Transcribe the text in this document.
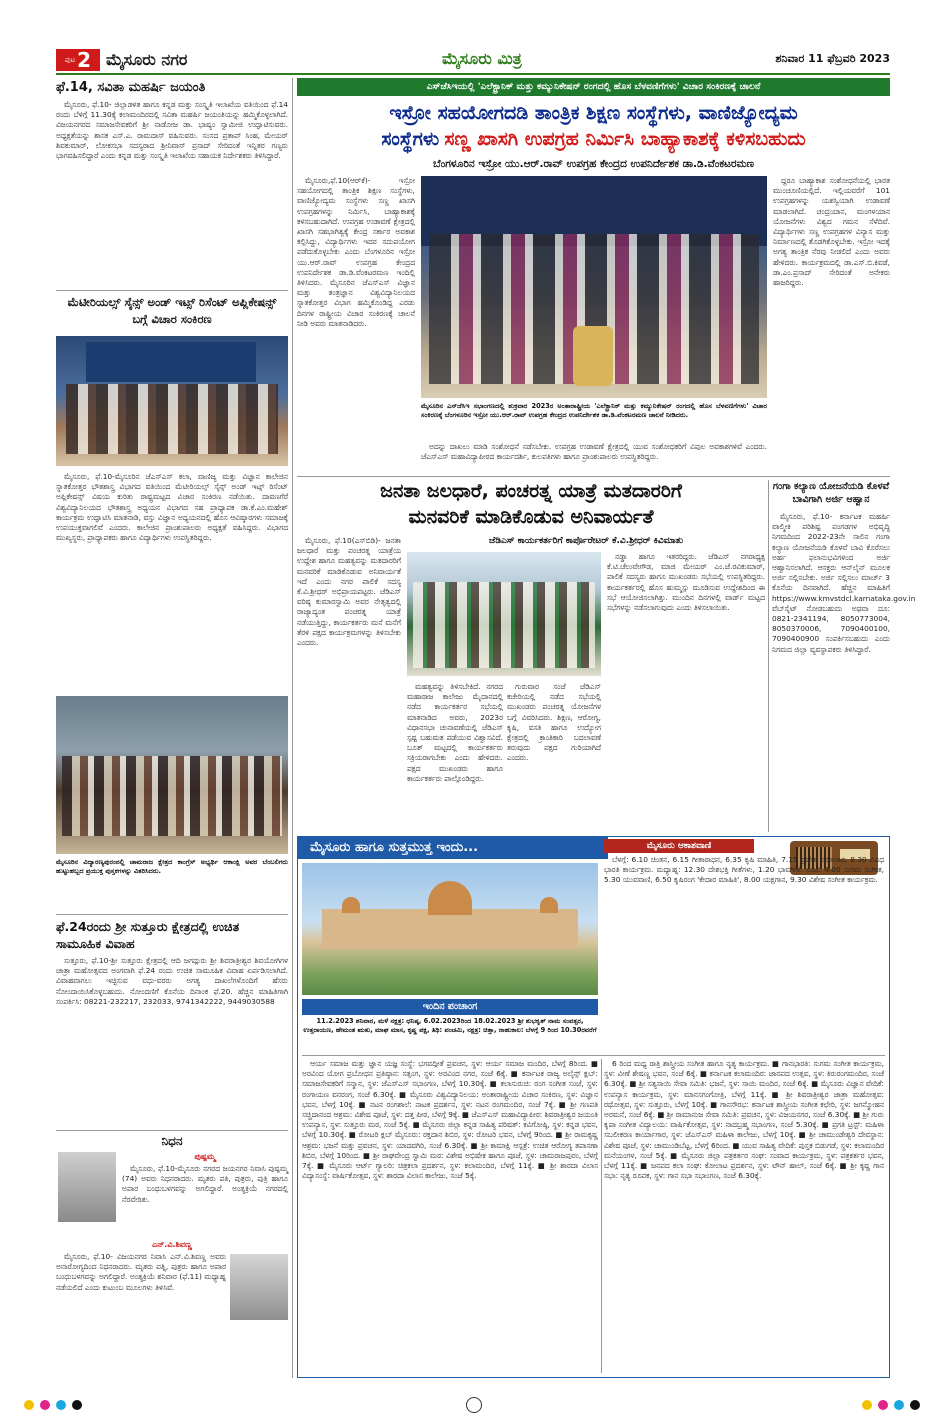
ಪುಟ 2 ಮೈಸೂರು ನಗರ	ಮೈಸೂರು ಮಿತ್ರ	ಶನಿವಾರ 11 ಫೆಬ್ರವರಿ 2023
ಫೆ.14, ಸವಿತಾ ಮಹರ್ಷಿ ಜಯಂತಿ

ಮೈಸೂರು, ಫೆ.10- ಜಿಲ್ಲಾಡಳಿತ ಹಾಗೂ ಕನ್ನಡ ಮತ್ತು ಸಂಸ್ಕೃತಿ ಇಲಾಖೆಯ ವತಿಯಿಂದ ಫೆ.14 ರಂದು ಬೆಳಿಗ್ಗೆ 11.30ಕ್ಕೆ ಕಲಾಮಂದಿರದಲ್ಲಿ ಸವಿತಾ ಮಹರ್ಷಿ ಜಯಂತಿಯನ್ನು ಹಮ್ಮಿಕೊಳ್ಳಲಾಗಿದೆ. ವಿಜಯನಗರದ ಸಮಾಜಸೇವಕರಿಗೆ ಶ್ರೀ ನಾಡೋಜ ಡಾ. ಭಾಷ್ಯಂ ಸ್ವಾಮೀಜಿ ಉದ್ಘಾಟಿಸುವರು. ಅಧ್ಯಕ್ಷತೆಯನ್ನು ಶಾಸಕ ಎಸ್.ಎ. ರಾಮದಾಸ್ ವಹಿಸುವರು. ಸಂಸದ ಪ್ರತಾಪ್ ಸಿಂಹ, ಮೇಯರ್ ಶಿವಕುಮಾರ್, ಲೋಕಸಭಾ ಸದಸ್ಯರಾದ ಶ್ರೀನಿವಾಸ್ ಪ್ರಸಾದ್ ಸೇರಿದಂತೆ ಇನ್ನಿತರ ಗಣ್ಯರು ಭಾಗವಹಿಸಲಿದ್ದಾರೆ ಎಂದು ಕನ್ನಡ ಮತ್ತು ಸಂಸ್ಕೃತಿ ಇಲಾಖೆಯ ಸಹಾಯಕ ನಿರ್ದೇಶಕರು ತಿಳಿಸಿದ್ದಾರೆ.

ಮೆಟೀರಿಯಲ್ಸ್ ಸೈನ್ಸ್ ಅಂಡ್ ಇಟ್ಸ್ ರಿಸೆಂಟ್ ಅಪ್ಲಿಕೇಷನ್ಸ್ ಬಗ್ಗೆ ವಿಚಾರ ಸಂಕಿರಣ

ಮೈಸೂರು, ಫೆ.10-ಮೈಸೂರಿನ ಜೆಎಸ್ಎಸ್ ಕಲಾ, ವಾಣಿಜ್ಯ ಮತ್ತು ವಿಜ್ಞಾನ ಕಾಲೇಜಿನ ಸ್ನಾತಕೋತ್ತರ ಭೌತಶಾಸ್ತ್ರ ವಿಭಾಗದ ವತಿಯಿಂದ ಮೆಟೀರಿಯಲ್ಸ್ ಸೈನ್ಸ್ ಅಂಡ್ ಇಟ್ಸ್ ರಿಸೆಂಟ್ ಅಪ್ಲಿಕೇಷನ್ಸ್ ವಿಷಯ ಕುರಿತು ರಾಷ್ಟ್ರಮಟ್ಟದ ವಿಚಾರ ಸಂಕಿರಣ ನಡೆಯಿತು. ದಾವಣಗೆರೆ ವಿಶ್ವವಿದ್ಯಾನಿಲಯದ ಭೌತಶಾಸ್ತ್ರ ಅಧ್ಯಯನ ವಿಭಾಗದ ಸಹ ಪ್ರಾಧ್ಯಾಪಕ ಡಾ.ಕೆ.ಎಂ.ಮಹೇಶ್ ಕಾರ್ಯಕ್ರಮ ಉದ್ಘಾಟಿಸಿ ಮಾತನಾಡಿ, ವಸ್ತು ವಿಜ್ಞಾನ ಅಧ್ಯಯನದಲ್ಲಿ ಹೊಸ ಆವಿಷ್ಕಾರಗಳು ಸಮಾಜಕ್ಕೆ ಉಪಯುಕ್ತವಾಗಲಿವೆ ಎಂದರು. ಕಾಲೇಜಿನ ಪ್ರಾಂಶುಪಾಲರು ಅಧ್ಯಕ್ಷತೆ ವಹಿಸಿದ್ದರು. ವಿಭಾಗದ ಮುಖ್ಯಸ್ಥರು, ಪ್ರಾಧ್ಯಾಪಕರು ಹಾಗೂ ವಿದ್ಯಾರ್ಥಿಗಳು ಉಪಸ್ಥಿತರಿದ್ದರು.

ಮೈಸೂರಿನ ವಿದ್ಯಾರಣ್ಯಪುರಂನಲ್ಲಿ ಚಾಮರಾಜ ಕ್ಷೇತ್ರದ ಕಾಂಗ್ರೆಸ್ ಅಭ್ಯರ್ಥಿ ಆಕಾಂಕ್ಷಿ ಅವರ ಬೆಂಬಲಿಗರು ಹುಟ್ಟುಹಬ್ಬದ ಪ್ರಯುಕ್ತ ಪುಸ್ತಕಗಳನ್ನು ವಿತರಿಸಿದರು.
ಫೆ.24ರಂದು ಶ್ರೀ ಸುತ್ತೂರು ಕ್ಷೇತ್ರದಲ್ಲಿ ಉಚಿತ ಸಾಮೂಹಿಕ ವಿವಾಹ

ಸುತ್ತೂರು, ಫೆ.10-ಶ್ರೀ ಸುತ್ತೂರು ಕ್ಷೇತ್ರದಲ್ಲಿ ಆದಿ ಜಗದ್ಗುರು ಶ್ರೀ ಶಿವರಾತ್ರೀಶ್ವರ ಶಿವಯೋಗಿಗಳ ಜಾತ್ರಾ ಮಹೋತ್ಸವದ ಅಂಗವಾಗಿ ಫೆ.24 ರಂದು ಉಚಿತ ಸಾಮೂಹಿಕ ವಿವಾಹ ಏರ್ಪಡಿಸಲಾಗಿದೆ. ವಿವಾಹವಾಗಲು ಇಚ್ಛಿಸುವ ವಧು-ವರರು ಅಗತ್ಯ ದಾಖಲೆಗಳೊಂದಿಗೆ ಹೆಸರು ನೋಂದಾಯಿಸಿಕೊಳ್ಳಬಹುದು. ನೋಂದಣಿಗೆ ಕೊನೆಯ ದಿನಾಂಕ ಫೆ.20. ಹೆಚ್ಚಿನ ಮಾಹಿತಿಗಾಗಿ ಸಂಪರ್ಕಿಸಿ: 08221-232217, 232033, 9741342222, 9449030588

ನಿಧನ
ಪುಷ್ಪಮ್ಮ

ಮೈಸೂರು, ಫೆ.10-ಮೈಸೂರು ನಗರದ ಜಯನಗರ ನಿವಾಸಿ ಪುಷ್ಪಮ್ಮ (74) ಅವರು ನಿಧನರಾದರು. ಮೃತರು ಪತಿ, ಪುತ್ರರು, ಪುತ್ರಿ ಹಾಗೂ ಅಪಾರ ಬಂಧುಬಳಗವನ್ನು ಅಗಲಿದ್ದಾರೆ. ಅಂತ್ಯಕ್ರಿಯೆ ನಗರದಲ್ಲಿ ನೆರವೇರಿತು.

ಎನ್.ವಿ.ಶಿವಣ್ಣ

ಮೈಸೂರು, ಫೆ.10- ವಿಜಯನಗರ ನಿವಾಸಿ ಎನ್.ವಿ.ಶಿವಣ್ಣ ಅವರು ಅನಾರೋಗ್ಯದಿಂದ ನಿಧನರಾದರು. ಮೃತರು ಪತ್ನಿ, ಪುತ್ರರು ಹಾಗೂ ಅಪಾರ ಬಂಧುಬಳಗವನ್ನು ಅಗಲಿದ್ದಾರೆ. ಅಂತ್ಯಕ್ರಿಯೆ ಶನಿವಾರ (ಫೆ.11) ಮಧ್ಯಾಹ್ನ ನಡೆಯಲಿದೆ ಎಂದು ಕುಟುಂಬ ಮೂಲಗಳು ತಿಳಿಸಿವೆ.

ಎಸ್‌ಜೆಸಿಇಯಲ್ಲಿ 'ಎಲೆಕ್ಟ್ರಾನಿಕ್ ಮತ್ತು ಕಮ್ಯುನಿಕೇಷನ್ ರಂಗದಲ್ಲಿ ಹೊಸ ಬೆಳವಣಿಗೆಗಳು' ವಿಚಾರ ಸಂಕಿರಣಕ್ಕೆ ಚಾಲನೆ
ಇಸ್ರೋ ಸಹಯೋಗದಡಿ ತಾಂತ್ರಿಕ ಶಿಕ್ಷಣ ಸಂಸ್ಥೆಗಳು, ವಾಣಿಜ್ಯೋದ್ಯಮ
ಸಂಸ್ಥೆಗಳು ಸಣ್ಣ ಖಾಸಗಿ ಉಪಗ್ರಹ ನಿರ್ಮಿಸಿ ಬಾಹ್ಯಾಕಾಶಕ್ಕೆ ಕಳಿಸಬಹುದು
ಬೆಂಗಳೂರಿನ ಇಸ್ರೋ ಯು.ಆರ್.ರಾವ್ ಉಪಗ್ರಹ ಕೇಂದ್ರದ ಉಪನಿರ್ದೇಶಕ ಡಾ.ಡಿ.ವೆಂಕಟರಮಣ

ಮೈಸೂರು,ಫೆ.10(ಆರ್‌ಕೆ)- ಇಸ್ರೋ ಸಹಯೋಗದಲ್ಲಿ ತಾಂತ್ರಿಕ ಶಿಕ್ಷಣ ಸಂಸ್ಥೆಗಳು, ವಾಣಿಜ್ಯೋದ್ಯಮ ಸಂಸ್ಥೆಗಳು ಸಣ್ಣ ಖಾಸಗಿ ಉಪಗ್ರಹಗಳನ್ನು ನಿರ್ಮಿಸಿ, ಬಾಹ್ಯಾಕಾಶಕ್ಕೆ ಕಳಿಸಬಹುದಾಗಿದೆ. ಉಪಗ್ರಹ ಉಡಾವಣೆ ಕ್ಷೇತ್ರದಲ್ಲಿ ಖಾಸಗಿ ಸಹಭಾಗಿತ್ವಕ್ಕೆ ಕೇಂದ್ರ ಸರ್ಕಾರ ಅವಕಾಶ ಕಲ್ಪಿಸಿದ್ದು, ವಿದ್ಯಾರ್ಥಿಗಳು ಇದರ ಸದುಪಯೋಗ ಪಡೆದುಕೊಳ್ಳಬೇಕು ಎಂದು ಬೆಂಗಳೂರಿನ ಇಸ್ರೋ ಯು.ಆರ್.ರಾವ್ ಉಪಗ್ರಹ ಕೇಂದ್ರದ ಉಪನಿರ್ದೇಶಕ ಡಾ.ಡಿ.ವೆಂಕಟರಮಣ ಇಂದಿಲ್ಲಿ ತಿಳಿಸಿದರು. ಮೈಸೂರಿನ ಜೆಎಸ್‌ಎಸ್ ವಿಜ್ಞಾನ ಮತ್ತು ತಂತ್ರಜ್ಞಾನ ವಿಶ್ವವಿದ್ಯಾನಿಲಯದ ಸ್ನಾತಕೋತ್ತರ ವಿಭಾಗ ಹಮ್ಮಿಕೊಂಡಿದ್ದ ಎರಡು ದಿನಗಳ ರಾಷ್ಟ್ರೀಯ ವಿಚಾರ ಸಂಕಿರಣಕ್ಕೆ ಚಾಲನೆ ನೀಡಿ ಅವರು ಮಾತನಾಡಿದರು.

ಮೈಸೂರಿನ ಎಸ್‌ಜೆಸಿಇ ಸಭಾಂಗಣದಲ್ಲಿ ಶುಕ್ರವಾರ 2023ರ ಅಂತಾರಾಷ್ಟ್ರೀಯ 'ಎಲೆಕ್ಟ್ರಾನಿಕ್ ಮತ್ತು ಕಮ್ಯುನಿಕೇಷನ್ ರಂಗದಲ್ಲಿ ಹೊಸ ಬೆಳವಣಿಗೆಗಳು' ವಿಚಾರ ಸಂಕಿರಣಕ್ಕೆ ಬೆಂಗಳೂರಿನ ಇಸ್ರೋ ಯು.ಆರ್.ರಾವ್ ಉಪಗ್ರಹ ಕೇಂದ್ರದ ಉಪನಿರ್ದೇಶಕ ಡಾ.ಡಿ.ವೆಂಕಟರಮಣ ಚಾಲನೆ ನೀಡಿದರು.

ಅದನ್ನು ದಾಖಲು ಮಾಡಿ ಸಂಶೋಧನೆ ನಡೆಸಬೇಕು. ಉಪಗ್ರಹ ಉಡಾವಣೆ ಕ್ಷೇತ್ರದಲ್ಲಿ ಯುವ ಸಂಶೋಧಕರಿಗೆ ವಿಪುಲ ಅವಕಾಶಗಳಿವೆ ಎಂದರು. ಜೆಎಸ್‌ಎಸ್ ಮಹಾವಿದ್ಯಾಪೀಠದ ಕಾರ್ಯದರ್ಶಿ, ಕುಲಪತಿಗಳು ಹಾಗೂ ಪ್ರಾಂಶುಪಾಲರು ಉಪಸ್ಥಿತರಿದ್ದರು.

ದ್ದರೂ ಬಾಹ್ಯಾಕಾಶ ಸಂಶೋಧನೆಯಲ್ಲಿ ಭಾರತ ಮುಂಚೂಣಿಯಲ್ಲಿದೆ. ಇಲ್ಲಿಯವರೆಗೆ 101 ಉಪಗ್ರಹಗಳನ್ನು ಯಶಸ್ವಿಯಾಗಿ ಉಡಾವಣೆ ಮಾಡಲಾಗಿದೆ. ಚಂದ್ರಯಾನ, ಮಂಗಳಯಾನ ಯೋಜನೆಗಳು ವಿಶ್ವದ ಗಮನ ಸೆಳೆದಿವೆ. ವಿದ್ಯಾರ್ಥಿಗಳು ಸಣ್ಣ ಉಪಗ್ರಹಗಳ ವಿನ್ಯಾಸ ಮತ್ತು ನಿರ್ಮಾಣದಲ್ಲಿ ತೊಡಗಿಕೊಳ್ಳಬೇಕು. ಇಸ್ರೋ ಇದಕ್ಕೆ ಅಗತ್ಯ ತಾಂತ್ರಿಕ ನೆರವು ನೀಡಲಿದೆ ಎಂದು ಅವರು ಹೇಳಿದರು. ಕಾರ್ಯಕ್ರಮದಲ್ಲಿ ಡಾ.ಎಸ್.ಬಿ.ಕಿವಡೆ, ಡಾ.ಎಂ.ಪ್ರಸಾದ್ ಸೇರಿದಂತೆ ಅನೇಕರು ಹಾಜರಿದ್ದರು.

ಜನತಾ ಜಲಧಾರೆ, ಪಂಚರತ್ನ ಯಾತ್ರೆ ಮತದಾರರಿಗೆ
ಮನವರಿಕೆ ಮಾಡಿಕೊಡುವ ಅನಿವಾರ್ಯತೆ
ಜೆಡಿಎಸ್ ಕಾರ್ಯಕರ್ತರಿಗೆ ಕಾರ್ಪೊರೇಟರ್ ಕೆ.ವಿ.ಶ್ರೀಧರ್ ಕಿವಿಮಾತು

ಮೈಸೂರು, ಫೆ.10(ಎಸ್‌ಬಿಡಿ)- ಜನತಾ ಜಲಧಾರೆ ಮತ್ತು ಪಂಚರತ್ನ ಯಾತ್ರೆಯ ಉದ್ದೇಶ ಹಾಗೂ ಮಹತ್ವವನ್ನು ಮತದಾರರಿಗೆ ಮನವರಿಕೆ ಮಾಡಿಕೊಡುವ ಅನಿವಾರ್ಯತೆ ಇದೆ ಎಂದು ನಗರ ಪಾಲಿಕೆ ಸದಸ್ಯ ಕೆ.ವಿ.ಶ್ರೀಧರ್ ಅಭಿಪ್ರಾಯಪಟ್ಟರು. ಜೆಡಿಎಸ್ ವರಿಷ್ಠ ಕುಮಾರಸ್ವಾಮಿ ಅವರ ನೇತೃತ್ವದಲ್ಲಿ ರಾಜ್ಯಾದ್ಯಂತ ಪಂಚರತ್ನ ಯಾತ್ರೆ ನಡೆಯುತ್ತಿದ್ದು, ಕಾರ್ಯಕರ್ತರು ಮನೆ ಮನೆಗೆ ತೆರಳಿ ಪಕ್ಷದ ಕಾರ್ಯಕ್ರಮಗಳನ್ನು ತಿಳಿಸಬೇಕು ಎಂದರು.

ಮಹತ್ವವನ್ನು ತಿಳಿಸಬೇಕಿದೆ. ನಗರದ ಮಹಾರಾಜ ಕಾಲೇಜು ಮೈದಾನದಲ್ಲಿ ನಡೆದ ಕಾರ್ಯಕರ್ತರ ಸಭೆಯಲ್ಲಿ ಮಾತನಾಡಿದ ಅವರು, 2023ರ ವಿಧಾನಸಭಾ ಚುನಾವಣೆಯಲ್ಲಿ ಜೆಡಿಎಸ್ ಸ್ಪಷ್ಟ ಬಹುಮತ ಪಡೆಯುವ ವಿಶ್ವಾಸವಿದೆ. ಬೂತ್ ಮಟ್ಟದಲ್ಲಿ ಕಾರ್ಯಕರ್ತರು ಸಕ್ರಿಯರಾಗಬೇಕು ಎಂದು ಹೇಳಿದರು. ಪಕ್ಷದ ಮುಖಂಡರು ಹಾಗೂ ಕಾರ್ಯಕರ್ತರು ಪಾಲ್ಗೊಂಡಿದ್ದರು.

ಗುರುವಾರ ಸಂಜೆ ಜೆಡಿಎಸ್ ಕಚೇರಿಯಲ್ಲಿ ನಡೆದ ಸಭೆಯಲ್ಲಿ ಮುಖಂಡರು ಪಂಚರತ್ನ ಯೋಜನೆಗಳ ಬಗ್ಗೆ ವಿವರಿಸಿದರು. ಶಿಕ್ಷಣ, ಆರೋಗ್ಯ, ಕೃಷಿ, ವಸತಿ ಹಾಗೂ ಉದ್ಯೋಗ ಕ್ಷೇತ್ರದಲ್ಲಿ ಕ್ರಾಂತಿಕಾರಿ ಬದಲಾವಣೆ ತರುವುದು ಪಕ್ಷದ ಗುರಿಯಾಗಿದೆ ಎಂದರು.

ನಡ್ಡಾ ಹಾಗೂ ಇತರರಿದ್ದರು. ಜೆಡಿಎಸ್ ನಗರಾಧ್ಯಕ್ಷ ಕೆ.ಟಿ.ಚೆಲುವೇಗೌಡ, ಮಾಜಿ ಮೇಯರ್ ಎಂ.ಜೆ.ರವಿಕುಮಾರ್, ಪಾಲಿಕೆ ಸದಸ್ಯರು ಹಾಗೂ ಮುಖಂಡರು ಸಭೆಯಲ್ಲಿ ಉಪಸ್ಥಿತರಿದ್ದರು. ಕಾರ್ಯಕರ್ತರಲ್ಲಿ ಹೊಸ ಹುಮ್ಮಸ್ಸು ಮೂಡಿಸುವ ಉದ್ದೇಶದಿಂದ ಈ ಸಭೆ ಆಯೋಜಿಸಲಾಗಿತ್ತು. ಮುಂದಿನ ದಿನಗಳಲ್ಲಿ ವಾರ್ಡ್ ಮಟ್ಟದ ಸಭೆಗಳನ್ನು ನಡೆಸಲಾಗುವುದು ಎಂದು ತಿಳಿಸಲಾಯಿತು.

ಗಂಗಾ ಕಲ್ಯಾಣ ಯೋಜನೆಯಡಿ ಕೊಳವೆ ಬಾವಿಗಾಗಿ ಅರ್ಜಿ ಆಹ್ವಾನ

ಮೈಸೂರು, ಫೆ.10- ಕರ್ನಾಟಕ ಮಹರ್ಷಿ ವಾಲ್ಮೀಕಿ ಪರಿಶಿಷ್ಟ ಪಂಗಡಗಳ ಅಭಿವೃದ್ಧಿ ನಿಗಮದಿಂದ 2022-23ನೇ ಸಾಲಿನ ಗಂಗಾ ಕಲ್ಯಾಣ ಯೋಜನೆಯಡಿ ಕೊಳವೆ ಬಾವಿ ಕೊರೆಸಲು ಅರ್ಹ ಫಲಾನುಭವಿಗಳಿಂದ ಅರ್ಜಿ ಆಹ್ವಾನಿಸಲಾಗಿದೆ. ಆಸಕ್ತರು ಆನ್‌ಲೈನ್ ಮೂಲಕ ಅರ್ಜಿ ಸಲ್ಲಿಸಬೇಕು. ಅರ್ಜಿ ಸಲ್ಲಿಸಲು ಮಾರ್ಚ್ 3 ಕೊನೆಯ ದಿನವಾಗಿದೆ. ಹೆಚ್ಚಿನ ಮಾಹಿತಿಗೆ https://www.kmvstdcl.karnataka.gov.in ವೆಬ್‌ಸೈಟ್ ನೋಡಬಹುದು ಅಥವಾ ದೂ: 0821-2341194, 8050773004, 8050370006, 7090400100, 7090400900 ಸಂಪರ್ಕಿಸಬಹುದು ಎಂದು ನಿಗಮದ ಜಿಲ್ಲಾ ವ್ಯವಸ್ಥಾಪಕರು ತಿಳಿಸಿದ್ದಾರೆ.

ಮೈಸೂರು ಹಾಗೂ ಸುತ್ತಮುತ್ತ ಇಂದು...
ಇಂದಿನ ಪಂಚಾಂಗ
11.2.2023 ಶನಿವಾರ, ಮಳೆ ನಕ್ಷತ್ರ: ಧನಿಷ್ಠ, 6.02.2023ರಿಂದ 18.02.2023 ಶ್ರೀ ಶುಭಕೃತ್ ನಾಮ ಸಂವತ್ಸರ, ಉತ್ತರಾಯಣ, ಹೇಮಂತ ಋತು, ಮಾಘ ಮಾಸ, ಕೃಷ್ಣ ಪಕ್ಷ, ತಿಥಿ: ಪಂಚಮಿ, ನಕ್ಷತ್ರ: ಚಿತ್ತಾ, ರಾಹುಕಾಲ: ಬೆಳಗ್ಗೆ 9 ರಿಂದ 10.30ರವರೆಗೆ
ಮೈಸೂರು ಆಕಾಶವಾಣಿ

ಬೆಳಗ್ಗೆ: 6.10 ಚಿಂತನ, 6.15 ಗೀತಾರಾಧನ, 6.35 ಕೃಷಿ ಮಾಹಿತಿ, 7.15 ಪ್ರದೇಶ ಸಮಾಚಾರ, 8.30 ವಿವಿಧ ಭಾರತಿ ಕಾರ್ಯಕ್ರಮ. ಮಧ್ಯಾಹ್ನ: 12.30 ದೇಶಭಕ್ತಿ ಗೀತೆಗಳು, 1.20 ಭಾವಗೀತೆ. ಸಂಜೆ: 4.00 ಸುಗಮ ಸಂಗೀತ, 5.30 ಯುವವಾಣಿ, 6.50 ಕೃಷಿರಂಗ 'ಕೇದಾರ ಮಾಹಿತಿ', 8.00 ಯಕ್ಷಗಾನ, 9.30 ವಿಶೇಷ ಸಂಗೀತ ಕಾರ್ಯಕ್ರಮ.

ಆರ್ಯ ಸಮಾಜ ಮತ್ತು ಜ್ಞಾನ ಯಜ್ಞ ಸಂಸ್ಥೆ: ಭಗವದ್ಗೀತೆ ಪ್ರವಚನ, ಸ್ಥಳ: ಆರ್ಯ ಸಮಾಜ ಮಂದಿರ, ಬೆಳಗ್ಗೆ 8ರಿಂದ. ■ ಅರವಿಂದ ಯೋಗ ಪ್ರಬೋಧನ ಪ್ರತಿಷ್ಠಾನ: ಸತ್ಸಂಗ, ಸ್ಥಳ: ಅರವಿಂದ ನಗರ, ಸಂಜೆ 6ಕ್ಕೆ. ■ ಕರ್ನಾಟಕ ರಾಜ್ಯ ಅಲೈನ್ಸ್ ಕ್ಲಬ್: ಸಮಾಜಸೇವಕರಿಗೆ ಸನ್ಮಾನ, ಸ್ಥಳ: ಜೆಎಸ್‌ಎಸ್ ಸಭಾಂಗಣ, ಬೆಳಗ್ಗೆ 10.30ಕ್ಕೆ. ■ ಕಲಾಸುರುಚಿ: ರಂಗ ಸಂಗೀತ ಸಂಜೆ, ಸ್ಥಳ: ರಂಗಾಯಣ ವನರಂಗ, ಸಂಜೆ 6.30ಕ್ಕೆ. ■ ಮೈಸೂರು ವಿಶ್ವವಿದ್ಯಾನಿಲಯ: ಅಂತಾರಾಷ್ಟ್ರೀಯ ವಿಚಾರ ಸಂಕಿರಣ, ಸ್ಥಳ: ವಿಜ್ಞಾನ ಭವನ, ಬೆಳಗ್ಗೆ 10ಕ್ಕೆ. ■ ನಟನ ರಂಗಶಾಲೆ: ನಾಟಕ ಪ್ರದರ್ಶನ, ಸ್ಥಳ: ನಟನ ರಂಗಮಂದಿರ, ಸಂಜೆ 7ಕ್ಕೆ. ■ ಶ್ರೀ ಗಣಪತಿ ಸಚ್ಚಿದಾನಂದ ಆಶ್ರಮ: ವಿಶೇಷ ಪೂಜೆ, ಸ್ಥಳ: ದತ್ತ ಪೀಠ, ಬೆಳಗ್ಗೆ 9ಕ್ಕೆ. ■ ಜೆಎಸ್‌ಎಸ್ ಮಹಾವಿದ್ಯಾಪೀಠ: ಶಿವರಾತ್ರೀಶ್ವರ ಜಯಂತಿ ಉಪನ್ಯಾಸ, ಸ್ಥಳ: ಸುತ್ತೂರು ಮಠ, ಸಂಜೆ 5ಕ್ಕೆ. ■ ಮೈಸೂರು ಜಿಲ್ಲಾ ಕನ್ನಡ ಸಾಹಿತ್ಯ ಪರಿಷತ್: ಕವಿಗೋಷ್ಠಿ, ಸ್ಥಳ: ಕನ್ನಡ ಭವನ, ಬೆಳಗ್ಗೆ 10.30ಕ್ಕೆ. ■ ರೋಟರಿ ಕ್ಲಬ್ ಮೈಸೂರು: ರಕ್ತದಾನ ಶಿಬಿರ, ಸ್ಥಳ: ರೋಟರಿ ಭವನ, ಬೆಳಗ್ಗೆ 9ರಿಂದ. ■ ಶ್ರೀ ರಾಮಕೃಷ್ಣ ಆಶ್ರಮ: ಭಜನೆ ಮತ್ತು ಪ್ರವಚನ, ಸ್ಥಳ: ಯಾದವಗಿರಿ, ಸಂಜೆ 6.30ಕ್ಕೆ. ■ ಶ್ರೀ ಕಾಮಾಕ್ಷಿ ಆಸ್ಪತ್ರೆ: ಉಚಿತ ಆರೋಗ್ಯ ತಪಾಸಣಾ ಶಿಬಿರ, ಬೆಳಗ್ಗೆ 10ರಿಂದ. ■ ಶ್ರೀ ರಾಘವೇಂದ್ರ ಸ್ವಾಮಿ ಮಠ: ವಿಶೇಷ ಅಭಿಷೇಕ ಹಾಗೂ ಪೂಜೆ, ಸ್ಥಳ: ಚಾಮರಾಜಪುರಂ, ಬೆಳಗ್ಗೆ 7ಕ್ಕೆ. ■ ಮೈಸೂರು ಆರ್ಟ್ ಗ್ಯಾಲರಿ: ಚಿತ್ರಕಲಾ ಪ್ರದರ್ಶನ, ಸ್ಥಳ: ಕಲಾಮಂದಿರ, ಬೆಳಗ್ಗೆ 11ಕ್ಕೆ. ■ ಶ್ರೀ ಶಾರದಾ ವಿಲಾಸ ವಿದ್ಯಾಸಂಸ್ಥೆ: ವಾರ್ಷಿಕೋತ್ಸವ, ಸ್ಥಳ: ಶಾರದಾ ವಿಲಾಸ ಕಾಲೇಜು, ಸಂಜೆ 5ಕ್ಕೆ.

6 ರಿಂದ ಮಧ್ಯ ರಾತ್ರಿ ಶಾಸ್ತ್ರೀಯ ಸಂಗೀತ ಹಾಗೂ ನೃತ್ಯ ಕಾರ್ಯಕ್ರಮ. ■ ಗಾನಭಾರತಿ: ಸುಗಮ ಸಂಗೀತ ಕಾರ್ಯಕ್ರಮ, ಸ್ಥಳ: ವೀಣೆ ಶೇಷಣ್ಣ ಭವನ, ಸಂಜೆ 6ಕ್ಕೆ. ■ ಕರ್ನಾಟಕ ಕಲಾಮಂದಿರ: ಜಾನಪದ ಉತ್ಸವ, ಸ್ಥಳ: ಕಿರುರಂಗಮಂದಿರ, ಸಂಜೆ 6.30ಕ್ಕೆ. ■ ಶ್ರೀ ಸತ್ಯಸಾಯಿ ಸೇವಾ ಸಮಿತಿ: ಭಜನೆ, ಸ್ಥಳ: ಸಾಯಿ ಮಂದಿರ, ಸಂಜೆ 6ಕ್ಕೆ. ■ ಮೈಸೂರು ವಿಜ್ಞಾನ ವೇದಿಕೆ: ಉಪನ್ಯಾಸ ಕಾರ್ಯಕ್ರಮ, ಸ್ಥಳ: ಮಾನಸಗಂಗೋತ್ರಿ, ಬೆಳಗ್ಗೆ 11ಕ್ಕೆ. ■ ಶ್ರೀ ಶಿವರಾತ್ರೀಶ್ವರ ಜಾತ್ರಾ ಮಹೋತ್ಸವ: ರಥೋತ್ಸವ, ಸ್ಥಳ: ಸುತ್ತೂರು, ಬೆಳಗ್ಗೆ 10ಕ್ಕೆ. ■ ಗಾನಸೌರಭ: ಕರ್ನಾಟಕ ಶಾಸ್ತ್ರೀಯ ಸಂಗೀತ ಕಛೇರಿ, ಸ್ಥಳ: ಜಗನ್ಮೋಹನ ಅರಮನೆ, ಸಂಜೆ 6ಕ್ಕೆ. ■ ಶ್ರೀ ರಾಮಾನುಜ ಸೇವಾ ಸಮಿತಿ: ಪ್ರವಚನ, ಸ್ಥಳ: ವಿಜಯನಗರ, ಸಂಜೆ 6.30ಕ್ಕೆ. ■ ಶ್ರೀ ಗುರು ಕೃಪಾ ಸಂಗೀತ ವಿದ್ಯಾಲಯ: ವಾರ್ಷಿಕೋತ್ಸವ, ಸ್ಥಳ: ನಾದಬ್ರಹ್ಮ ಸಭಾಂಗಣ, ಸಂಜೆ 5.30ಕ್ಕೆ. ■ ಪ್ರಗತಿ ಟ್ರಸ್ಟ್: ಮಹಿಳಾ ಸಬಲೀಕರಣ ಕಾರ್ಯಾಗಾರ, ಸ್ಥಳ: ಜೆಎಸ್‌ಎಸ್ ಮಹಿಳಾ ಕಾಲೇಜು, ಬೆಳಗ್ಗೆ 10ಕ್ಕೆ. ■ ಶ್ರೀ ಚಾಮುಂಡೇಶ್ವರಿ ದೇವಸ್ಥಾನ: ವಿಶೇಷ ಪೂಜೆ, ಸ್ಥಳ: ಚಾಮುಂಡಿಬೆಟ್ಟ, ಬೆಳಗ್ಗೆ 6ರಿಂದ. ■ ಯುವ ಸಾಹಿತ್ಯ ವೇದಿಕೆ: ಪುಸ್ತಕ ಬಿಡುಗಡೆ, ಸ್ಥಳ: ಕಲಾಮಂದಿರ ಮನೆಯಂಗಳ, ಸಂಜೆ 5ಕ್ಕೆ. ■ ಮೈಸೂರು ಜಿಲ್ಲಾ ಪತ್ರಕರ್ತರ ಸಂಘ: ಸಂವಾದ ಕಾರ್ಯಕ್ರಮ, ಸ್ಥಳ: ಪತ್ರಕರ್ತರ ಭವನ, ಬೆಳಗ್ಗೆ 11ಕ್ಕೆ. ■ ಜನಪದ ಕಲಾ ಸಂಘ: ಕೋಲಾಟ ಪ್ರದರ್ಶನ, ಸ್ಥಳ: ಟೌನ್ ಹಾಲ್, ಸಂಜೆ 6ಕ್ಕೆ. ■ ಶ್ರೀ ಕೃಷ್ಣ ಗಾನ ಸಭಾ: ನೃತ್ಯ ರೂಪಕ, ಸ್ಥಳ: ಗಾನ ಸಭಾ ಸಭಾಂಗಣ, ಸಂಜೆ 6.30ಕ್ಕೆ.
